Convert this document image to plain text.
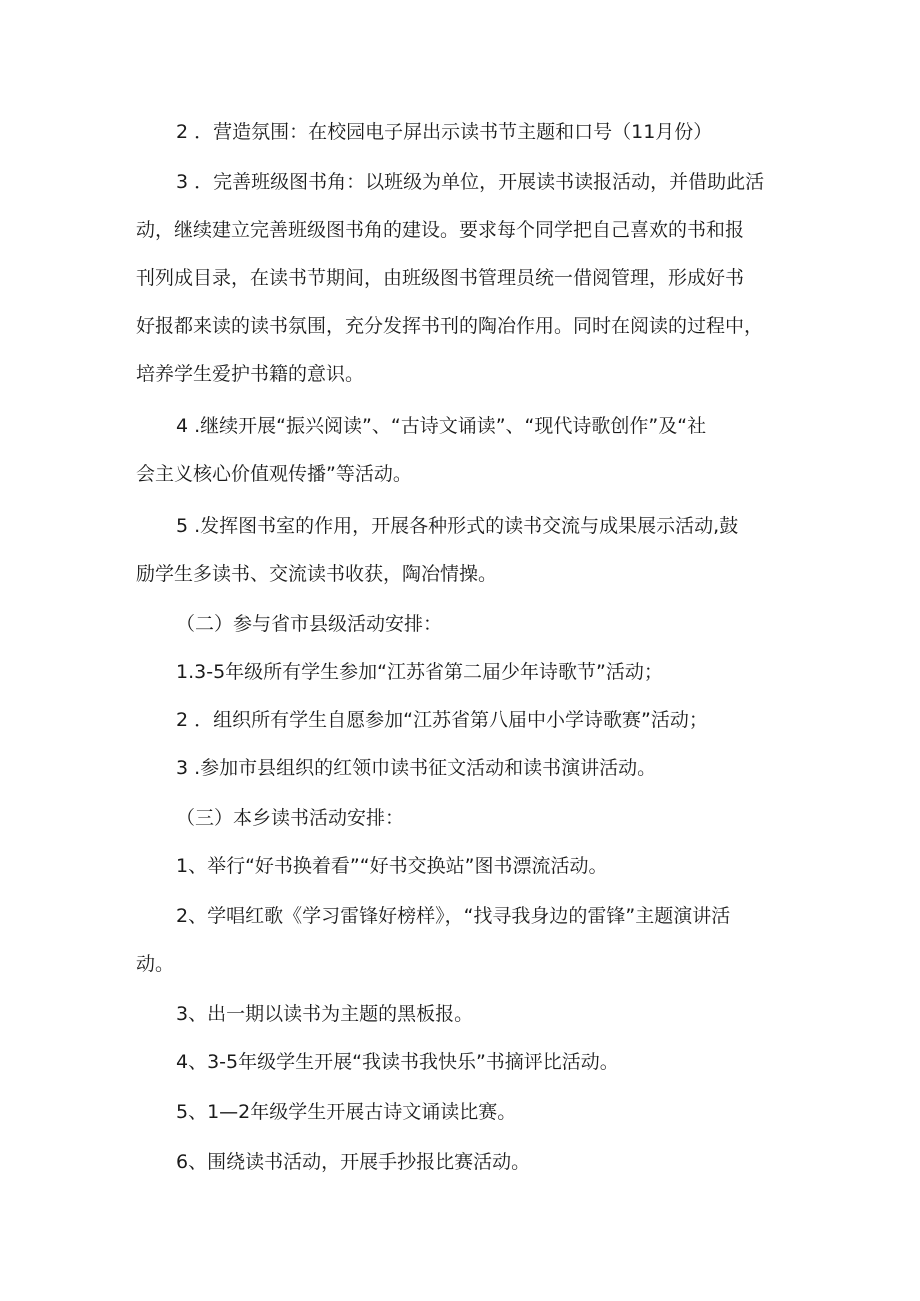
2 ．营造氛围：在校园电子屏出示读书节主题和口号（11月份）

3 ．完善班级图书角：以班级为单位，开展读书读报活动，并借助此活
动，继续建立完善班级图书角的建设。要求每个同学把自己喜欢的书和报
刊列成目录，在读书节期间，由班级图书管理员统一借阅管理，形成好书
好报都来读的读书氛围，充分发挥书刊的陶冶作用。同时在阅读的过程中，
培养学生爱护书籍的意识。
4 .继续开展“振兴阅读”、“古诗文诵读”、“现代诗歌创作”及“社
会主义核心价值观传播”等活动。
5 .发挥图书室的作用，开展各种形式的读书交流与成果展示活动,鼓
励学生多读书、交流读书收获，陶冶情操。

（二）参与省市县级活动安排：

1.3-5年级所有学生参加“江苏省第二届少年诗歌节”活动；

2 ．组织所有学生自愿参加“江苏省第八届中小学诗歌赛”活动；

3 .参加市县组织的红领巾读书征文活动和读书演讲活动。

（三）本乡读书活动安排：

1、举行“好书换着看”“好书交换站”图书漂流活动。

2、学唱红歌《学习雷锋好榜样》，“找寻我身边的雷锋”主题演讲活
动。

3、出一期以读书为主题的黑板报。

4、3-5年级学生开展“我读书我快乐”书摘评比活动。

5、1—2年级学生开展古诗文诵读比赛。

6、围绕读书活动，开展手抄报比赛活动。
